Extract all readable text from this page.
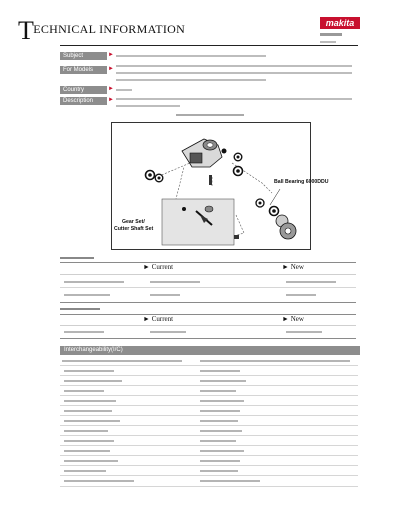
TECHNICAL INFORMATION	makita
Subject	►
For Models	►
Country	►
Description	►
Ball Bearing 6000DDU
Gear Set/
Cutter Shaft Set
► Current	► New
► Current	► New
Interchangeability(I/C)
